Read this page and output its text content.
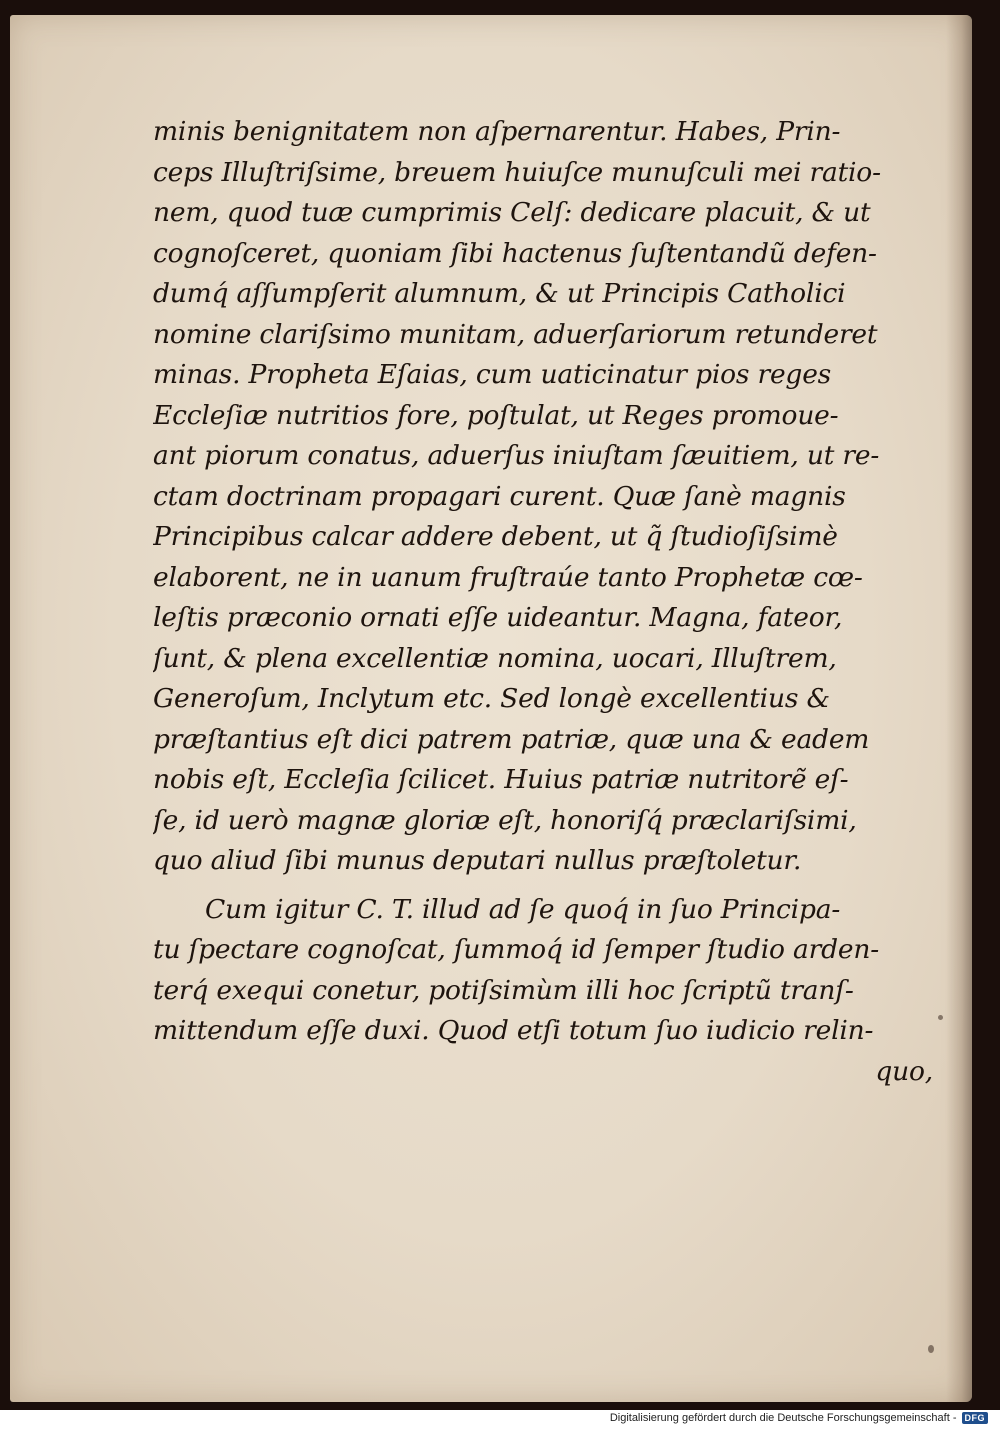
minis benignitatem non aſpernarentur. Habes, Prin-
ceps Illuſtriſsime, breuem huiuſce munuſculi mei ratio-
nem, quod tuæ cumprimis Celſ: dedicare placuit, & ut
cognoſceret, quoniam ſibi hactenus ſuſtentandũ defen-
dumq́ aſſumpſerit alumnum, & ut Principis Catholici
nomine clariſsimo munitam, aduerſariorum retunderet
minas. Propheta Eſaias, cum uaticinatur pios reges
Eccleſiæ nutritios fore, poſtulat, ut Reges promoue-
ant piorum conatus, aduerſus iniuſtam ſæuitiem, ut re-
ctam doctrinam propagari curent. Quæ ſanè magnis
Principibus calcar addere debent, ut q̃ ſtudioſiſsimè
elaborent, ne in uanum fruſtraúe tanto Prophetæ cœ-
leſtis præconio ornati eſſe uideantur. Magna, fateor,
ſunt, & plena excellentiæ nomina, uocari, Illuſtrem,
Generoſum, Inclytum etc. Sed longè excellentius &
præſtantius eſt dici patrem patriæ, quæ una & eadem
nobis eſt, Eccleſia ſcilicet. Huius patriæ nutritorẽ eſ-
ſe, id uerò magnæ gloriæ eſt, honoriſq́ præclariſsimi,
quo aliud ſibi munus deputari nullus præſtoletur.
Cum igitur C. T. illud ad ſe quoq́ in ſuo Principa-
tu ſpectare cognoſcat, ſummoq́ id ſemper ſtudio arden-
terq́ exequi conetur, potiſsimùm illi hoc ſcriptũ tranſ-
mittendum eſſe duxi. Quod etſi totum ſuo iudicio relin-
quo,
Digitalisierung gefördert durch die Deutsche Forschungsgemeinschaft - DFG
